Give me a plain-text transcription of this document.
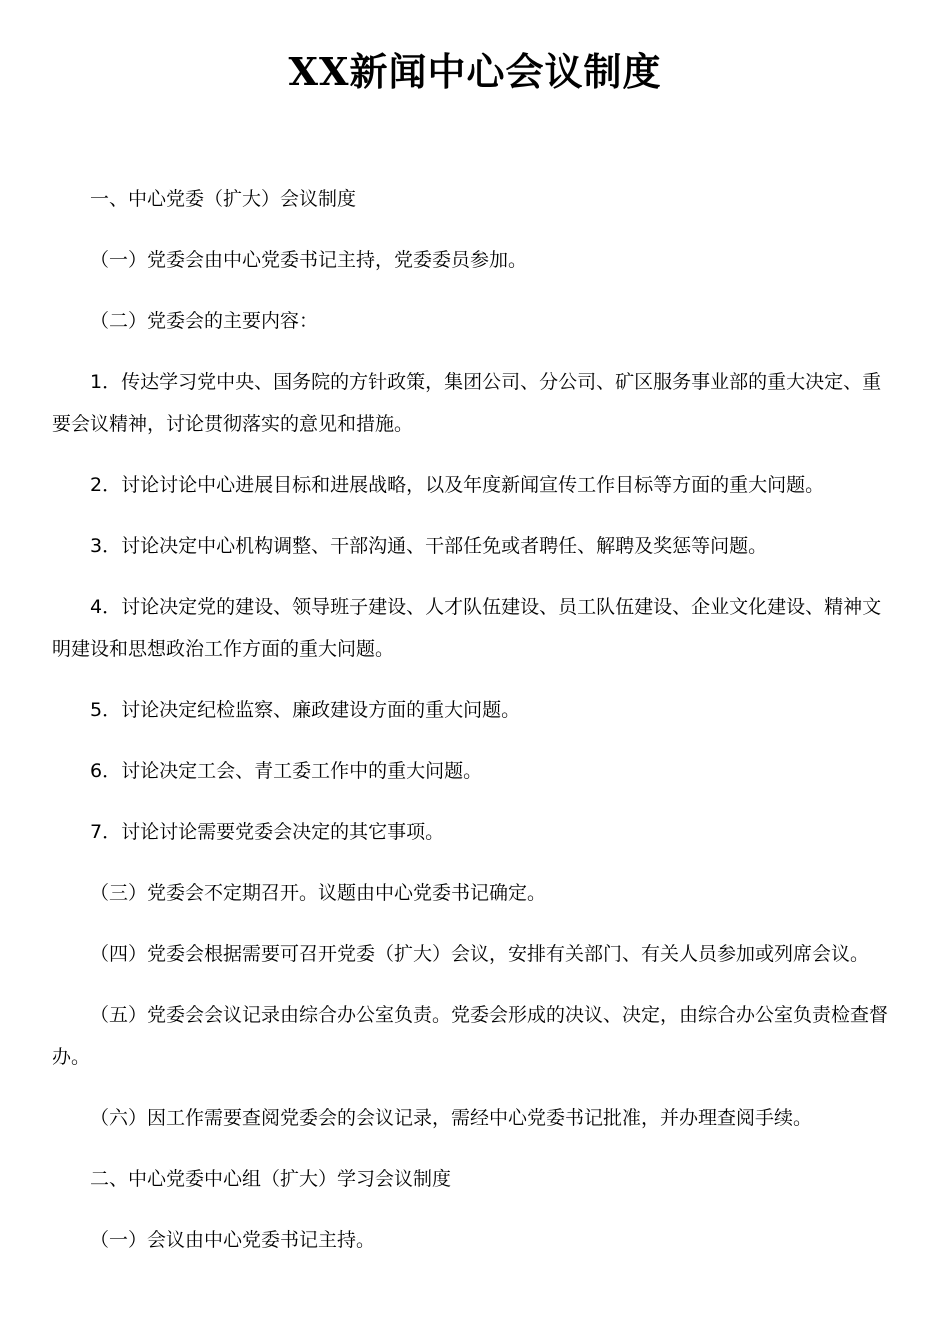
XX新闻中心会议制度

一、中心党委（扩大）会议制度

（一）党委会由中心党委书记主持，党委委员参加。

（二）党委会的主要内容：

1．传达学习党中央、国务院的方针政策，集团公司、分公司、矿区服务事业部的重大决定、重要会议精神，讨论贯彻落实的意见和措施。

2．讨论讨论中心进展目标和进展战略，以及年度新闻宣传工作目标等方面的重大问题。

3．讨论决定中心机构调整、干部沟通、干部任免或者聘任、解聘及奖惩等问题。

4．讨论决定党的建设、领导班子建设、人才队伍建设、员工队伍建设、企业文化建设、精神文明建设和思想政治工作方面的重大问题。

5．讨论决定纪检监察、廉政建设方面的重大问题。

6．讨论决定工会、青工委工作中的重大问题。

7．讨论讨论需要党委会决定的其它事项。

（三）党委会不定期召开。议题由中心党委书记确定。

（四）党委会根据需要可召开党委（扩大）会议，安排有关部门、有关人员参加或列席会议。

（五）党委会会议记录由综合办公室负责。党委会形成的决议、决定，由综合办公室负责检查督办。

（六）因工作需要查阅党委会的会议记录，需经中心党委书记批准，并办理查阅手续。

二、中心党委中心组（扩大）学习会议制度

（一）会议由中心党委书记主持。
